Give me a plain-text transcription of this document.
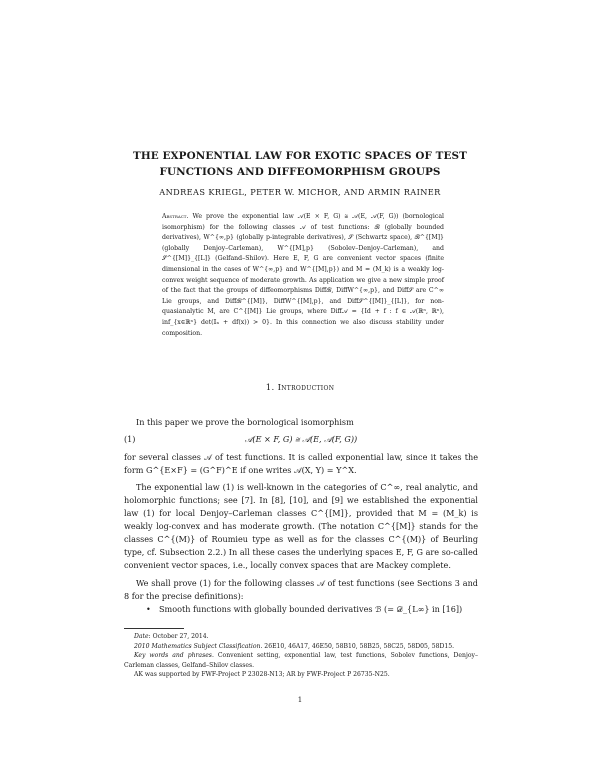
THE EXPONENTIAL LAW FOR EXOTIC SPACES OF TEST
FUNCTIONS AND DIFFEOMORPHISM GROUPS
ANDREAS KRIEGL, PETER W. MICHOR, AND ARMIN RAINER
Abstract. We prove the exponential law 𝒜(E × F, G) ≅ 𝒜(E, 𝒜(F, G)) (bornological isomorphism) for the following classes 𝒜 of test functions: ℬ (globally bounded derivatives), W^{∞,p} (globally p-integrable derivatives), 𝒮 (Schwartz space), ℬ^{[M]} (globally Denjoy–Carleman), W^{[M],p} (Sobolev–Denjoy–Carleman), and 𝒮^{[M]}_{[L]} (Gelfand–Shilov). Here E, F, G are convenient vector spaces (finite dimensional in the cases of W^{∞,p} and W^{[M],p}) and M = (M_k) is a weakly log-convex weight sequence of moderate growth. As application we give a new simple proof of the fact that the groups of diffeomorphisms Diffℬ, DiffW^{∞,p}, and Diff𝒮 are C^∞ Lie groups, and Diffℬ^{[M]}, DiffW^{[M],p}, and Diff𝒮^{[M]}_{[L]}, for non-quasianalytic M, are C^{[M]} Lie groups, where Diff𝒜 = {Id + f : f ∈ 𝒜(ℝⁿ, ℝⁿ), inf_{x∈ℝⁿ} det(𝕀ₙ + df(x)) > 0}. In this connection we also discuss stability under composition.
1. Introduction
In this paper we prove the bornological isomorphism
(1)	𝒜(E × F, G) ≅ 𝒜(E, 𝒜(F, G))
for several classes 𝒜 of test functions. It is called exponential law, since it takes the form G^{E×F} = (G^F)^E if one writes 𝒜(X, Y) = Y^X.
The exponential law (1) is well-known in the categories of C^∞, real analytic, and holomorphic functions; see [7]. In [8], [10], and [9] we established the exponential law (1) for local Denjoy–Carleman classes C^{[M]}, provided that M = (M_k) is weakly log-convex and has moderate growth. (The notation C^{[M]} stands for the classes C^{(M)} of Roumieu type as well as for the classes C^{(M)} of Beurling type, cf. Subsection 2.2.) In all these cases the underlying spaces E, F, G are so-called convenient vector spaces, i.e., locally convex spaces that are Mackey complete.
We shall prove (1) for the following classes 𝒜 of test functions (see Sections 3 and 8 for the precise definitions):
• Smooth functions with globally bounded derivatives ℬ (= 𝒟_{L∞} in [16])

Date: October 27, 2014.

2010 Mathematics Subject Classification. 26E10, 46A17, 46E50, 58B10, 58B25, 58C25, 58D05, 58D15.

Key words and phrases. Convenient setting, exponential law, test functions, Sobolev functions, Denjoy–Carleman classes, Gelfand–Shilov classes.

AK was supported by FWF-Project P 23028-N13; AR by FWF-Project P 26735-N25.

1
